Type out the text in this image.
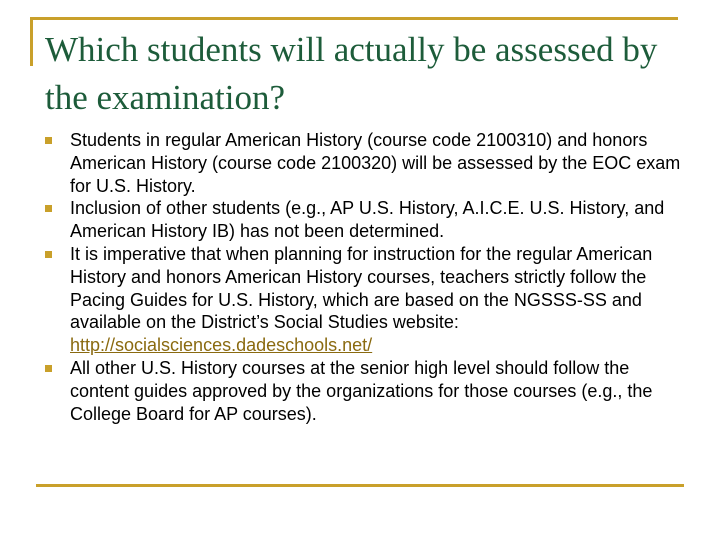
Which students will actually be assessed by the examination?
Students in regular American History (course code 2100310) and honors American History (course code 2100320) will be assessed by the EOC exam for U.S. History.
Inclusion of other students (e.g., AP U.S. History, A.I.C.E. U.S. History, and American History IB) has not been determined.
It is imperative that when planning for instruction for the regular American History and honors American History courses, teachers strictly follow the Pacing Guides for U.S. History, which are based on the NGSSS-SS and available on the District’s Social Studies website:  http://socialsciences.dadeschools.net/
All other U.S. History courses at the senior high level should follow the content guides approved by the organizations for those courses (e.g., the College Board for AP courses).
